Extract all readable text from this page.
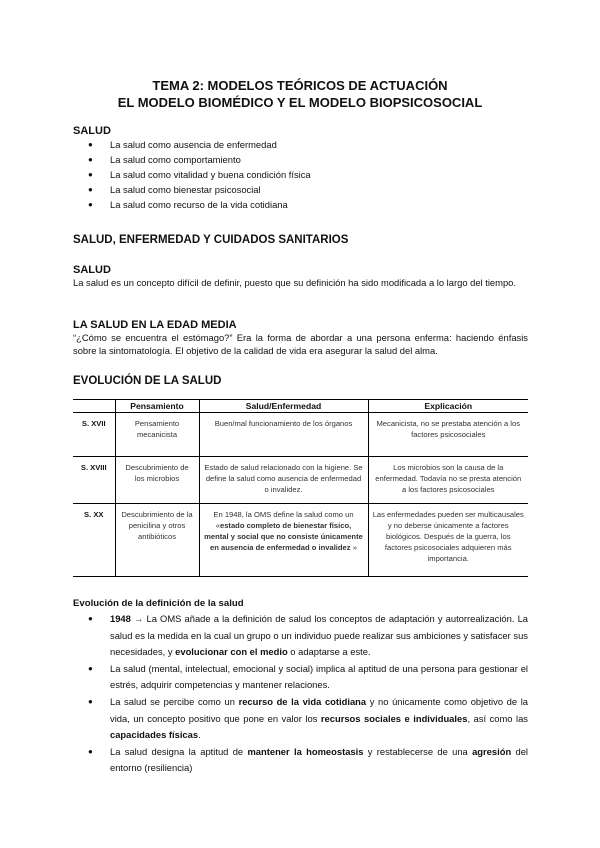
TEMA 2: MODELOS TEÓRICOS DE ACTUACIÓN
EL MODELO BIOMÉDICO Y EL MODELO BIOPSICOSOCIAL
SALUD
● La salud como ausencia de enfermedad
● La salud como comportamiento
● La salud como vitalidad y buena condición física
● La salud como bienestar psicosocial
● La salud como recurso de la vida cotidiana
SALUD, ENFERMEDAD Y CUIDADOS SANITARIOS
SALUD
La salud es un concepto difícil de definir, puesto que su definición ha sido modificada a lo largo del tiempo.
LA SALUD EN LA EDAD MEDIA
“¿Cómo se encuentra el estómago?” Era la forma de abordar a una persona enferma: haciendo énfasis sobre la sintomatología. El objetivo de la calidad de vida era asegurar la salud del alma.
EVOLUCIÓN DE LA SALUD
	Pensamiento	Salud/Enfermedad	Explicación
S. XVII	Pensamiento mecanicista	Buen/mal funcionamiento de los órganos	Mecanicista, no se prestaba atención a los factores psicosociales
S. XVIII	Descubrimiento de los microbios	Estado de salud relacionado con la higiene. Se define la salud como ausencia de enfermedad o invalidez.	Los microbios son la causa de la enfermedad. Todavía no se presta atención a los factores psicosociales
S. XX	Descubrimiento de la penicilina y otros antibióticos	En 1948, la OMS define la salud como un «estado completo de bienestar físico, mental y social que no consiste únicamente en ausencia de enfermedad o invalidez »	Las enfermedades pueden ser multicausales y no deberse únicamente a factores biológicos. Después de la guerra, los factores psicosociales adquieren más importancia.
Evolución de la definición de la salud
● 1948 → La OMS añade a la definición de salud los conceptos de adaptación y autorrealización. La salud es la medida en la cual un grupo o un individuo puede realizar sus ambiciones y satisfacer sus necesidades, y evolucionar con el medio o adaptarse a este.
● La salud (mental, intelectual, emocional y social) implica al aptitud de una persona para gestionar el estrés, adquirir competencias y mantener relaciones.
● La salud se percibe como un recurso de la vida cotidiana y no únicamente como objetivo de la vida, un concepto positivo que pone en valor los recursos sociales e individuales, así como las capacidades físicas.
● La salud designa la aptitud de mantener la homeostasis y restablecerse de una agresión del entorno (resiliencia)
